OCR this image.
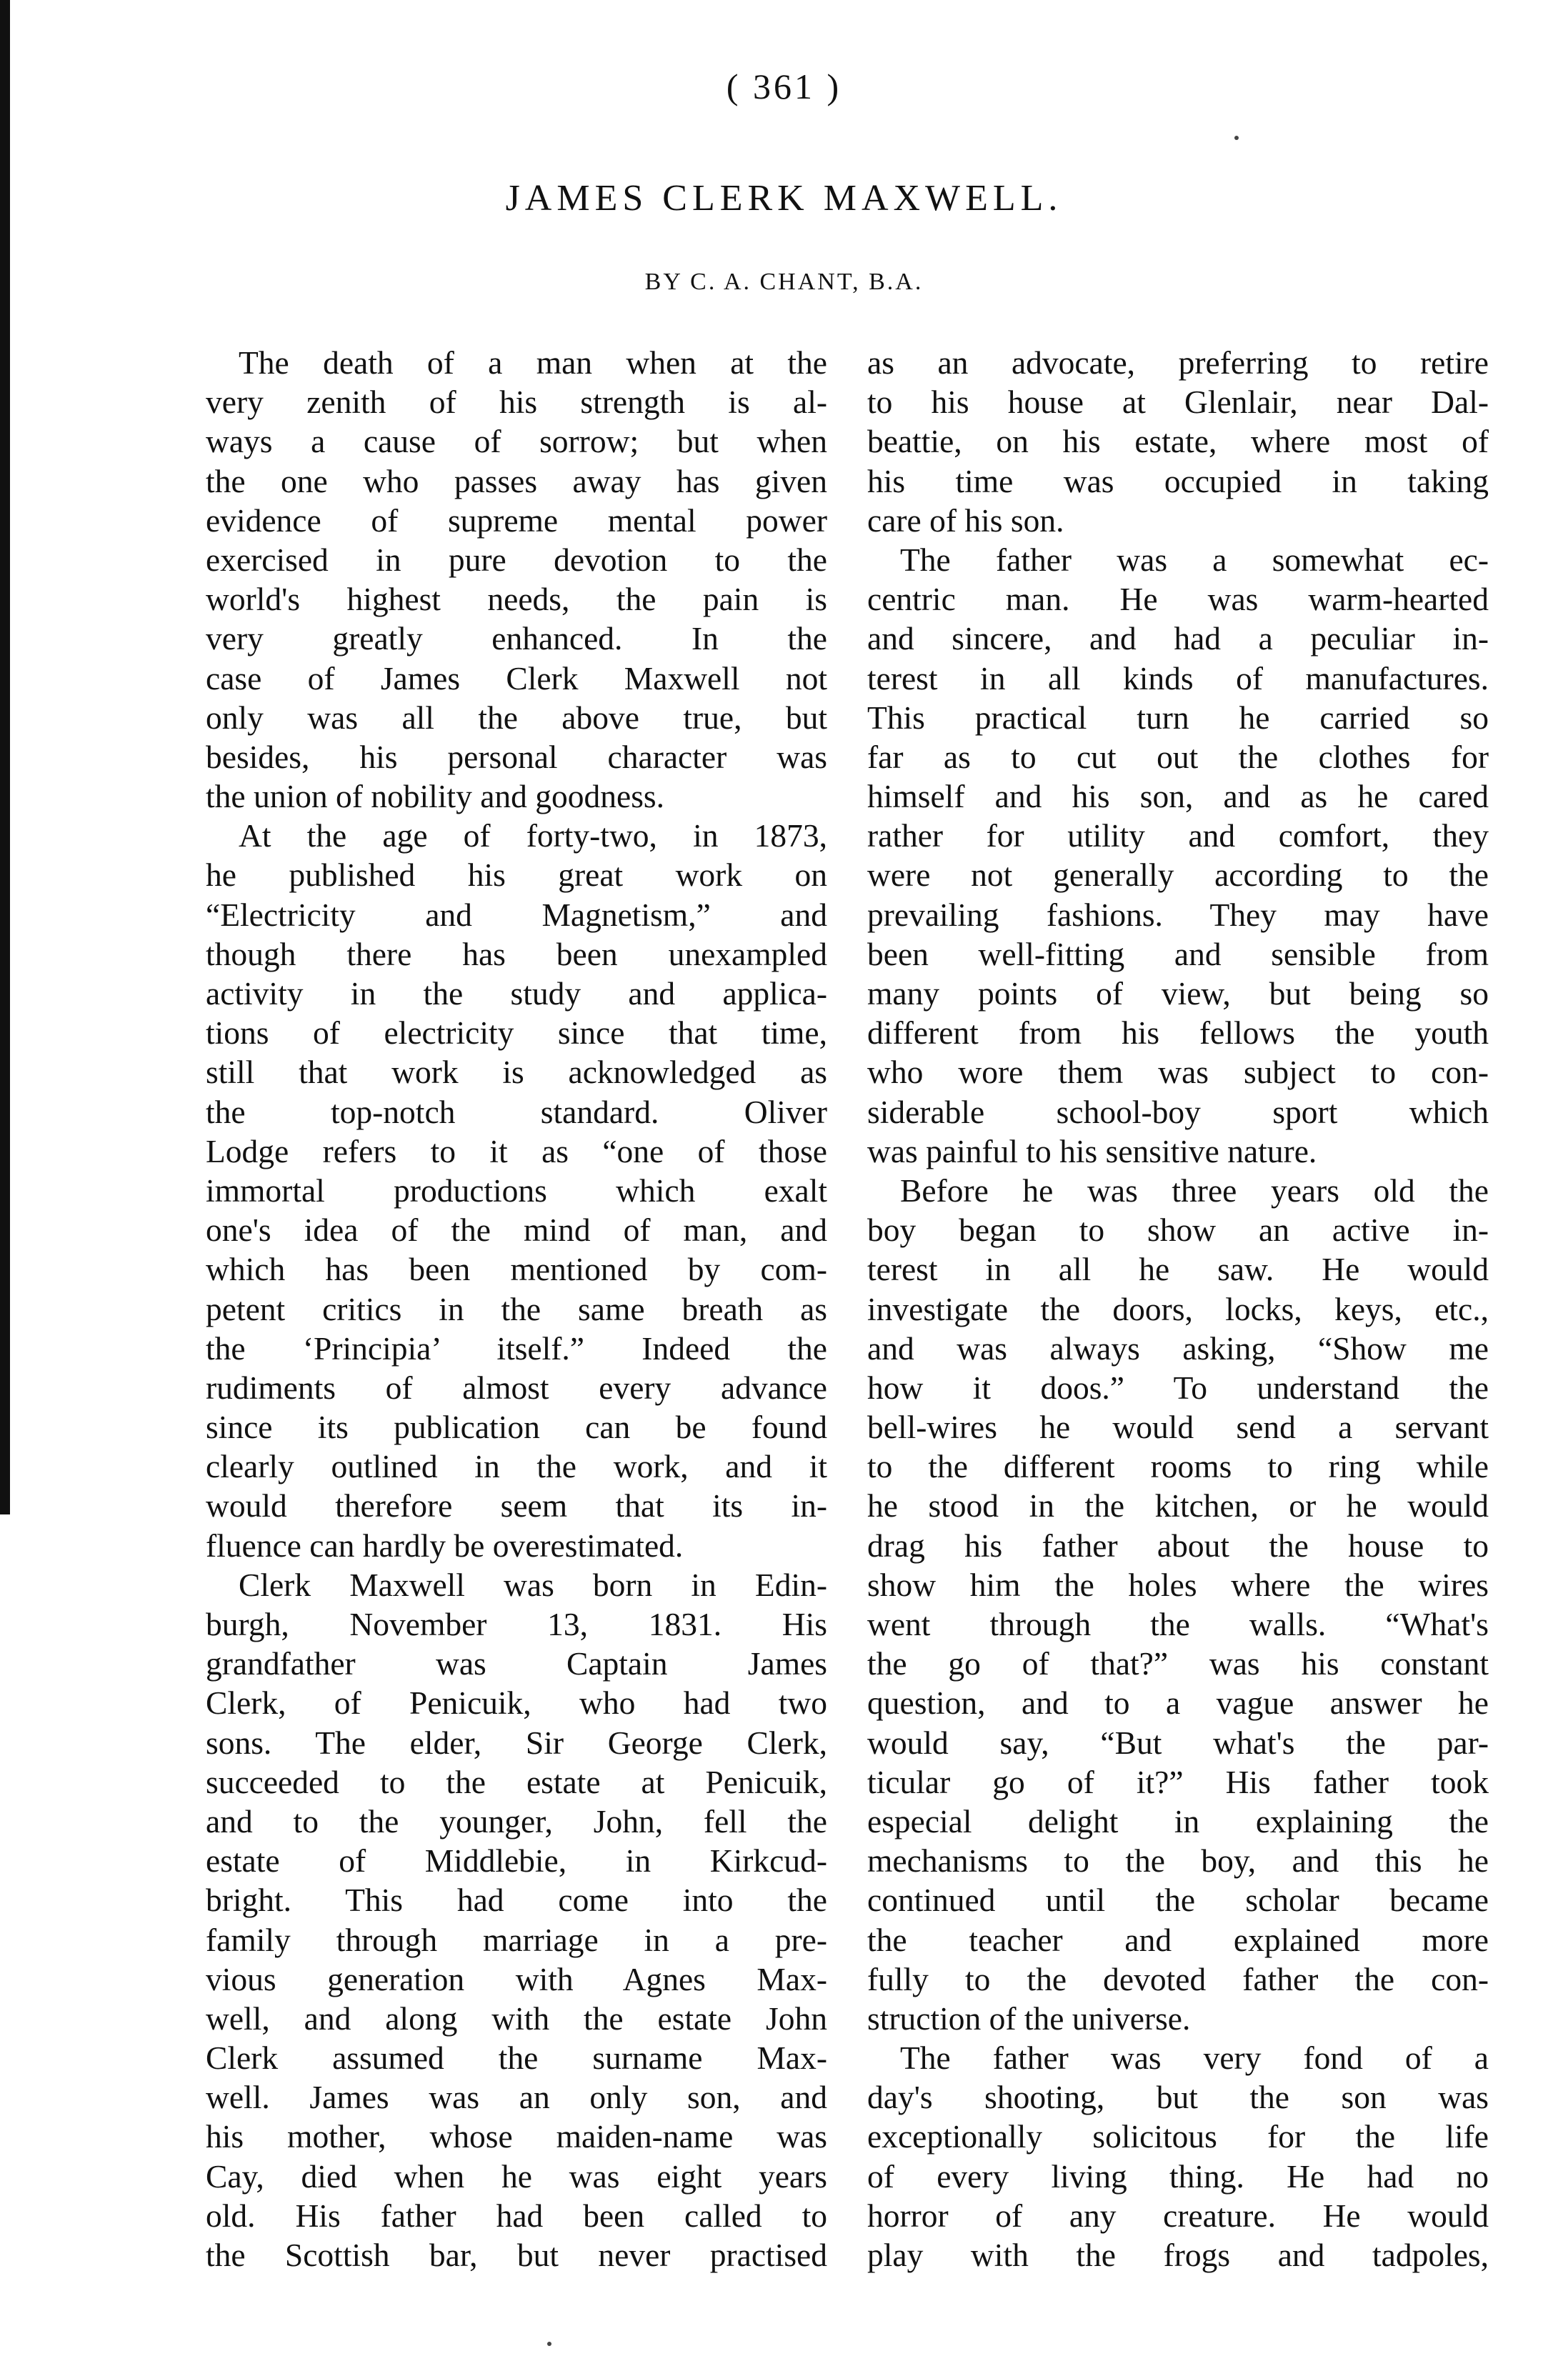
( 361 )
JAMES CLERK MAXWELL.
BY C. A. CHANT, B.A.
The death of a man when at the
very zenith of his strength is al-
ways a cause of sorrow; but when
the one who passes away has given
evidence of supreme mental power
exercised in pure devotion to the
world's highest needs, the pain is
very greatly enhanced. In the
case of James Clerk Maxwell not
only was all the above true, but
besides, his personal character was
the union of nobility and goodness.
At the age of forty-two, in 1873,
he published his great work on
“Electricity and Magnetism,” and
though there has been unexampled
activity in the study and applica-
tions of electricity since that time,
still that work is acknowledged as
the top-notch standard. Oliver
Lodge refers to it as “one of those
immortal productions which exalt
one's idea of the mind of man, and
which has been mentioned by com-
petent critics in the same breath as
the ‘Principia’ itself.” Indeed the
rudiments of almost every advance
since its publication can be found
clearly outlined in the work, and it
would therefore seem that its in-
fluence can hardly be overestimated.
Clerk Maxwell was born in Edin-
burgh, November 13, 1831. His
grandfather was Captain James
Clerk, of Penicuik, who had two
sons. The elder, Sir George Clerk,
succeeded to the estate at Penicuik,
and to the younger, John, fell the
estate of Middlebie, in Kirkcud-
bright. This had come into the
family through marriage in a pre-
vious generation with Agnes Max-
well, and along with the estate John
Clerk assumed the surname Max-
well. James was an only son, and
his mother, whose maiden-name was
Cay, died when he was eight years
old. His father had been called to
the Scottish bar, but never practised
as an advocate, preferring to retire
to his house at Glenlair, near Dal-
beattie, on his estate, where most of
his time was occupied in taking
care of his son.
The father was a somewhat ec-
centric man. He was warm-hearted
and sincere, and had a peculiar in-
terest in all kinds of manufactures.
This practical turn he carried so
far as to cut out the clothes for
himself and his son, and as he cared
rather for utility and comfort, they
were not generally according to the
prevailing fashions. They may have
been well-fitting and sensible from
many points of view, but being so
different from his fellows the youth
who wore them was subject to con-
siderable school-boy sport which
was painful to his sensitive nature.
Before he was three years old the
boy began to show an active in-
terest in all he saw. He would
investigate the doors, locks, keys, etc.,
and was always asking, “Show me
how it doos.” To understand the
bell-wires he would send a servant
to the different rooms to ring while
he stood in the kitchen, or he would
drag his father about the house to
show him the holes where the wires
went through the walls. “What's
the go of that?” was his constant
question, and to a vague answer he
would say, “But what's the par-
ticular go of it?” His father took
especial delight in explaining the
mechanisms to the boy, and this he
continued until the scholar became
the teacher and explained more
fully to the devoted father the con-
struction of the universe.
The father was very fond of a
day's shooting, but the son was
exceptionally solicitous for the life
of every living thing. He had no
horror of any creature. He would
play with the frogs and tadpoles,
